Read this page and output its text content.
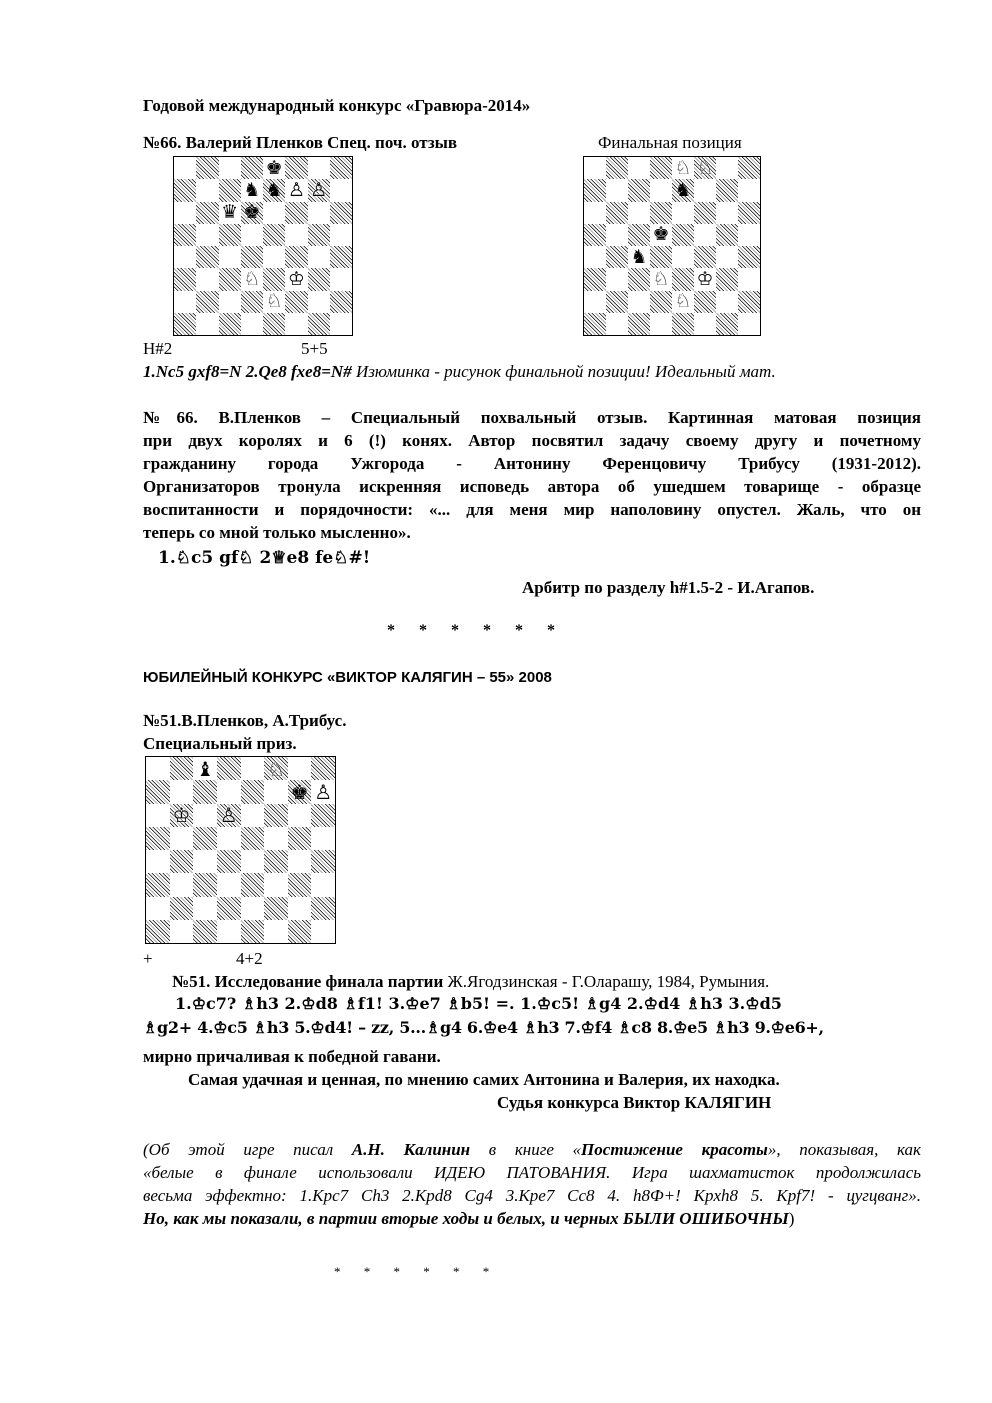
Годовой международный конкурс «Гравюра-2014»
№66. Валерий Пленков Спец. поч. отзыв	Финальная позиция
♚
♞ ♞ ♙ ♙
♛ ♚
♘ ♔
♘
♘ ♘
♞
♚
♞
♘ ♔
♘
H#2	5+5
1.Nc5 gxf8=N 2.Qe8 fxe8=N# Изюминка - рисунок финальной позиции! Идеальный мат.
№66. В.Пленков – Специальный похвальный отзыв. Картинная матовая позиция
при двух королях и 6 (!) конях. Автор посвятил задачу своему другу и почетному
гражданину города Ужгорода - Антонину Ференцовичу Трибусу (1931-2012).
Организаторов тронула искренняя исповедь автора об ушедшем товарище - образце
воспитанности и порядочности: «... для меня мир наполовину опустел. Жаль, что он
теперь со мной только мысленно».
1.♘c5 gf♘ 2♕e8 fe♘#!
Арбитр по разделу h#1.5-2 - И.Агапов.
* * * * * *
ЮБИЛЕЙНЫЙ КОНКУРС «ВИКТОР КАЛЯГИН – 55» 2008
№51.В.Пленков, А.Трибус.
Специальный приз.
♝	♘
♚ ♙
♔ ♙
+	4+2
№51. Исследование финала партии Ж.Ягодзинская - Г.Оларашу, 1984, Румыния.
1.♔c7? ♗h3 2.♔d8 ♗f1! 3.♔e7 ♗b5! =. 1.♔c5! ♗g4 2.♔d4 ♗h3 3.♔d5
♗g2+ 4.♔c5 ♗h3 5.♔d4! – zz, 5...♗g4 6.♔e4 ♗h3 7.♔f4 ♗c8 8.♔e5 ♗h3 9.♔e6+,
мирно причаливая к победной гавани.
Самая удачная и ценная, по мнению самих Антонина и Валерия, их находка.
Судья конкурса Виктор КАЛЯГИН
(Об этой игре писал А.Н. Калинин в книге «Постижение красоты», показывая, как
«белые в финале использовали ИДЕЮ ПАТОВАНИЯ. Игра шахматисток продолжилась
весьма эффектно: 1.Крс7 Сh3 2.Крd8 Сg4 3.Kpe7 Cc8 4. h8Ф+! Kpxh8 5. Kpf7! - цугцванг».
Но, как мы показали, в партии вторые ходы и белых, и черных БЫЛИ ОШИБОЧНЫ)
* * * * * *
